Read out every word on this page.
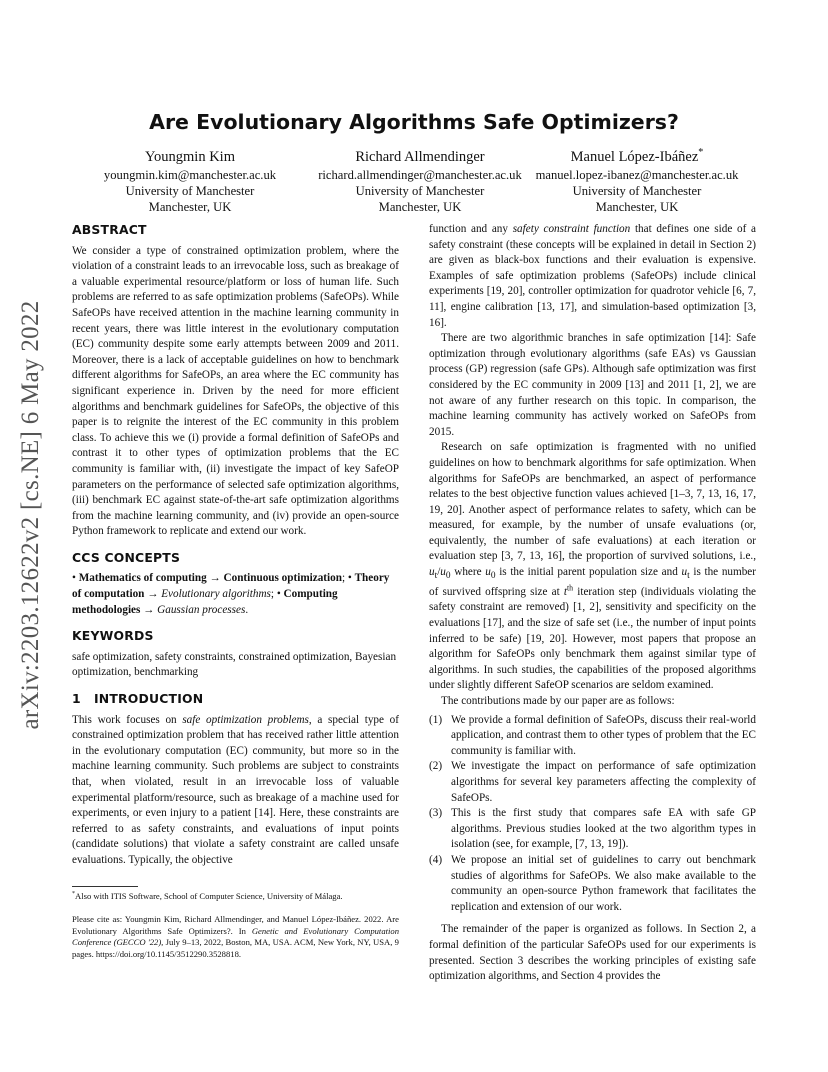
arXiv:2203.12622v2 [cs.NE] 6 May 2022
Are Evolutionary Algorithms Safe Optimizers?
Youngmin Kim
youngmin.kim@manchester.ac.uk
University of Manchester
Manchester, UK
Richard Allmendinger
richard.allmendinger@manchester.ac.uk
University of Manchester
Manchester, UK
Manuel López-Ibáñez*
manuel.lopez-ibanez@manchester.ac.uk
University of Manchester
Manchester, UK
ABSTRACT

We consider a type of constrained optimization problem, where the violation of a constraint leads to an irrevocable loss, such as breakage of a valuable experimental resource/platform or loss of human life. Such problems are referred to as safe optimization problems (SafeOPs). While SafeOPs have received attention in the machine learning community in recent years, there was little interest in the evolutionary computation (EC) community despite some early attempts between 2009 and 2011. Moreover, there is a lack of acceptable guidelines on how to benchmark different algorithms for SafeOPs, an area where the EC community has significant experience in. Driven by the need for more efficient algorithms and benchmark guidelines for SafeOPs, the objective of this paper is to reignite the interest of the EC community in this problem class. To achieve this we (i) provide a formal definition of SafeOPs and contrast it to other types of optimization problems that the EC community is familiar with, (ii) investigate the impact of key SafeOP parameters on the performance of selected safe optimization algorithms, (iii) benchmark EC against state-of-the-art safe optimization algorithms from the machine learning community, and (iv) provide an open-source Python framework to replicate and extend our work.

CCS CONCEPTS

• Mathematics of computing → Continuous optimization; • Theory of computation → Evolutionary algorithms; • Computing methodologies → Gaussian processes.

KEYWORDS

safe optimization, safety constraints, constrained optimization, Bayesian optimization, benchmarking

1 INTRODUCTION

This work focuses on safe optimization problems, a special type of constrained optimization problem that has received rather little attention in the evolutionary computation (EC) community, but more so in the machine learning community. Such problems are subject to constraints that, when violated, result in an irrevocable loss of valuable experimental platform/resource, such as breakage of a machine used for experiments, or even injury to a patient [14]. Here, these constraints are referred to as safety constraints, and evaluations of input points (candidate solutions) that violate a safety constraint are called unsafe evaluations. Typically, the objective

*Also with ITIS Software, School of Computer Science, University of Málaga.
Please cite as: Youngmin Kim, Richard Allmendinger, and Manuel López-Ibáñez. 2022. Are Evolutionary Algorithms Safe Optimizers?. In Genetic and Evolutionary Computation Conference (GECCO '22), July 9–13, 2022, Boston, MA, USA. ACM, New York, NY, USA, 9 pages. https://doi.org/10.1145/3512290.3528818.

function and any safety constraint function that defines one side of a safety constraint (these concepts will be explained in detail in Section 2) are given as black-box functions and their evaluation is expensive. Examples of safe optimization problems (SafeOPs) include clinical experiments [19, 20], controller optimization for quadrotor vehicle [6, 7, 11], engine calibration [13, 17], and simulation-based optimization [3, 16].

There are two algorithmic branches in safe optimization [14]: Safe optimization through evolutionary algorithms (safe EAs) vs Gaussian process (GP) regression (safe GPs). Although safe optimization was first considered by the EC community in 2009 [13] and 2011 [1, 2], we are not aware of any further research on this topic. In comparison, the machine learning community has actively worked on SafeOPs from 2015.

Research on safe optimization is fragmented with no unified guidelines on how to benchmark algorithms for safe optimization. When algorithms for SafeOPs are benchmarked, an aspect of performance relates to the best objective function values achieved [1–3, 7, 13, 16, 17, 19, 20]. Another aspect of performance relates to safety, which can be measured, for example, by the number of unsafe evaluations (or, equivalently, the number of safe evaluations) at each iteration or evaluation step [3, 7, 13, 16], the proportion of survived solutions, i.e., $u_t/u_0$ where $u_0$ is the initial parent population size and $u_t$ is the number of survived offspring size at $t^{th}$ iteration step (individuals violating the safety constraint are removed) [1, 2], sensitivity and specificity on the evaluations [17], and the size of safe set (i.e., the number of input points inferred to be safe) [19, 20]. However, most papers that propose an algorithm for SafeOPs only benchmark them against similar type of algorithms. In such studies, the capabilities of the proposed algorithms under slightly different SafeOP scenarios are seldom examined.

The contributions made by our paper are as follows:

(1) We provide a formal definition of SafeOPs, discuss their real-world application, and contrast them to other types of problem that the EC community is familiar with.
(2) We investigate the impact on performance of safe optimization algorithms for several key parameters affecting the complexity of SafeOPs.
(3) This is the first study that compares safe EA with safe GP algorithms. Previous studies looked at the two algorithm types in isolation (see, for example, [7, 13, 19]).
(4) We propose an initial set of guidelines to carry out benchmark studies of algorithms for SafeOPs. We also make available to the community an open-source Python framework that facilitates the replication and extension of our work.

The remainder of the paper is organized as follows. In Section 2, a formal definition of the particular SafeOPs used for our experiments is presented. Section 3 describes the working principles of existing safe optimization algorithms, and Section 4 provides the
